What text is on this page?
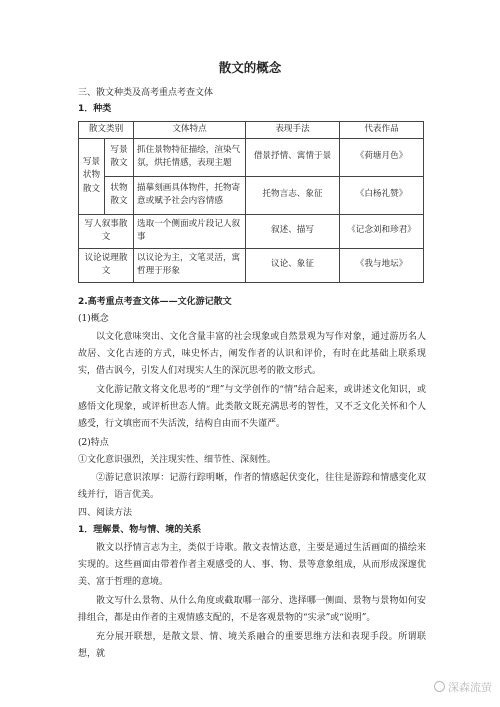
散文的概念
三、散文种类及高考重点考查文体
1．种类
散文类别		文体特点	表现手法	代表作品
写景状物散文	写景散文	抓住景物特征描绘，渲染气氛，烘托情感，表现主题	借景抒情、寓情于景	《荷塘月色》
	状物散文	描摹刻画具体物件，托物寄意或赋予社会内容情感	托物言志、象征	《白杨礼赞》
写人叙事散文		选取一个侧面或片段记人叙事	叙述、描写	《记念刘和珍君》
议论说理散文		以议论为主，文笔灵活，寓哲理于形象	议论、象征	《我与地坛》
2.高考重点考查文体——文化游记散文
(1)概念
以文化意味突出、文化含量丰富的社会现象或自然景观为写作对象，通过游历名人故居、文化古迹的方式，味史怀古，阐发作者的认识和评价，有时在此基础上联系现实，借古讽今，引发人们对现实人生的深沉思考的散文形式。
文化游记散文将文化思考的“理”与文学创作的“情”结合起来，或讲述文化知识，或感悟文化现象，或评析世态人情。此类散文既充满思考的智性，又不乏文化关怀和个人感受，行文填密而不失活泼，结构自由而不失谨严。
(2)特点
①文化意识强烈，关注现实性、细节性、深刻性。
②游记意识浓厚：记游行踪明晰，作者的情感起伏变化，往往是游踪和情感变化双线并行，语言优美。
四、阅读方法
1．理解景、物与情、境的关系
散文以抒情言志为主，类似于诗歌。散文表情达意，主要是通过生活画面的描绘来实现的。这些画面由带着作者主观感受的人、事、物、景等意象组成，从而形成深邃优美、富于哲理的意境。
散文写什么景物、从什么角度或截取哪一部分、选择哪一侧面、景物与景物如何安排组合，都是由作者的主观情感支配的，不是客观景物的“实录”或“说明”。
充分展开联想，是散文景、情、境关系融合的重要思维方法和表现手段。所谓联想，就
深森流萤
